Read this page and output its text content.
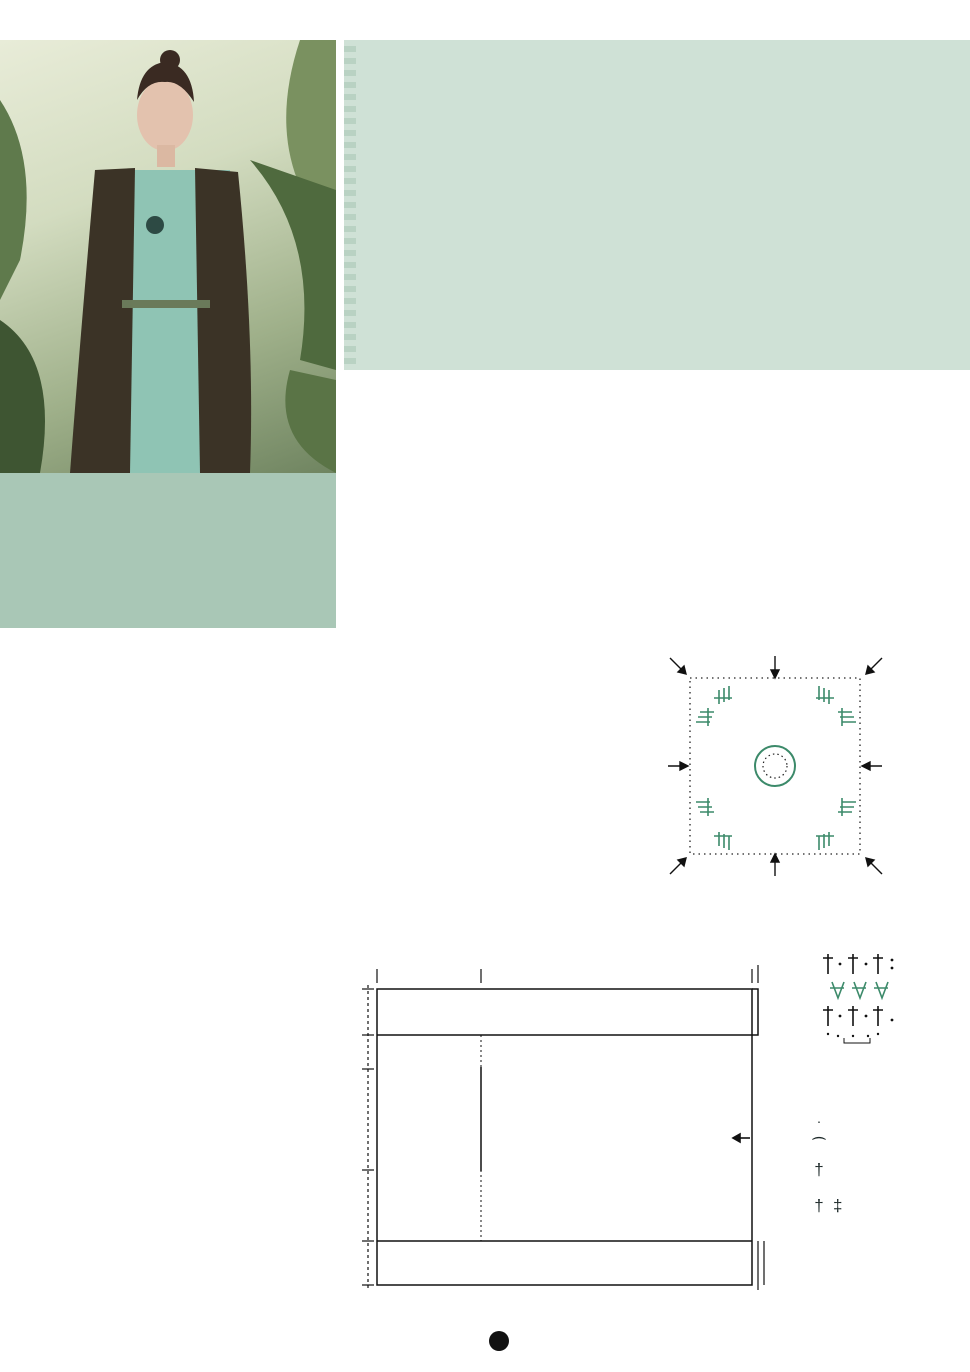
·
⌒
†
† ‡
